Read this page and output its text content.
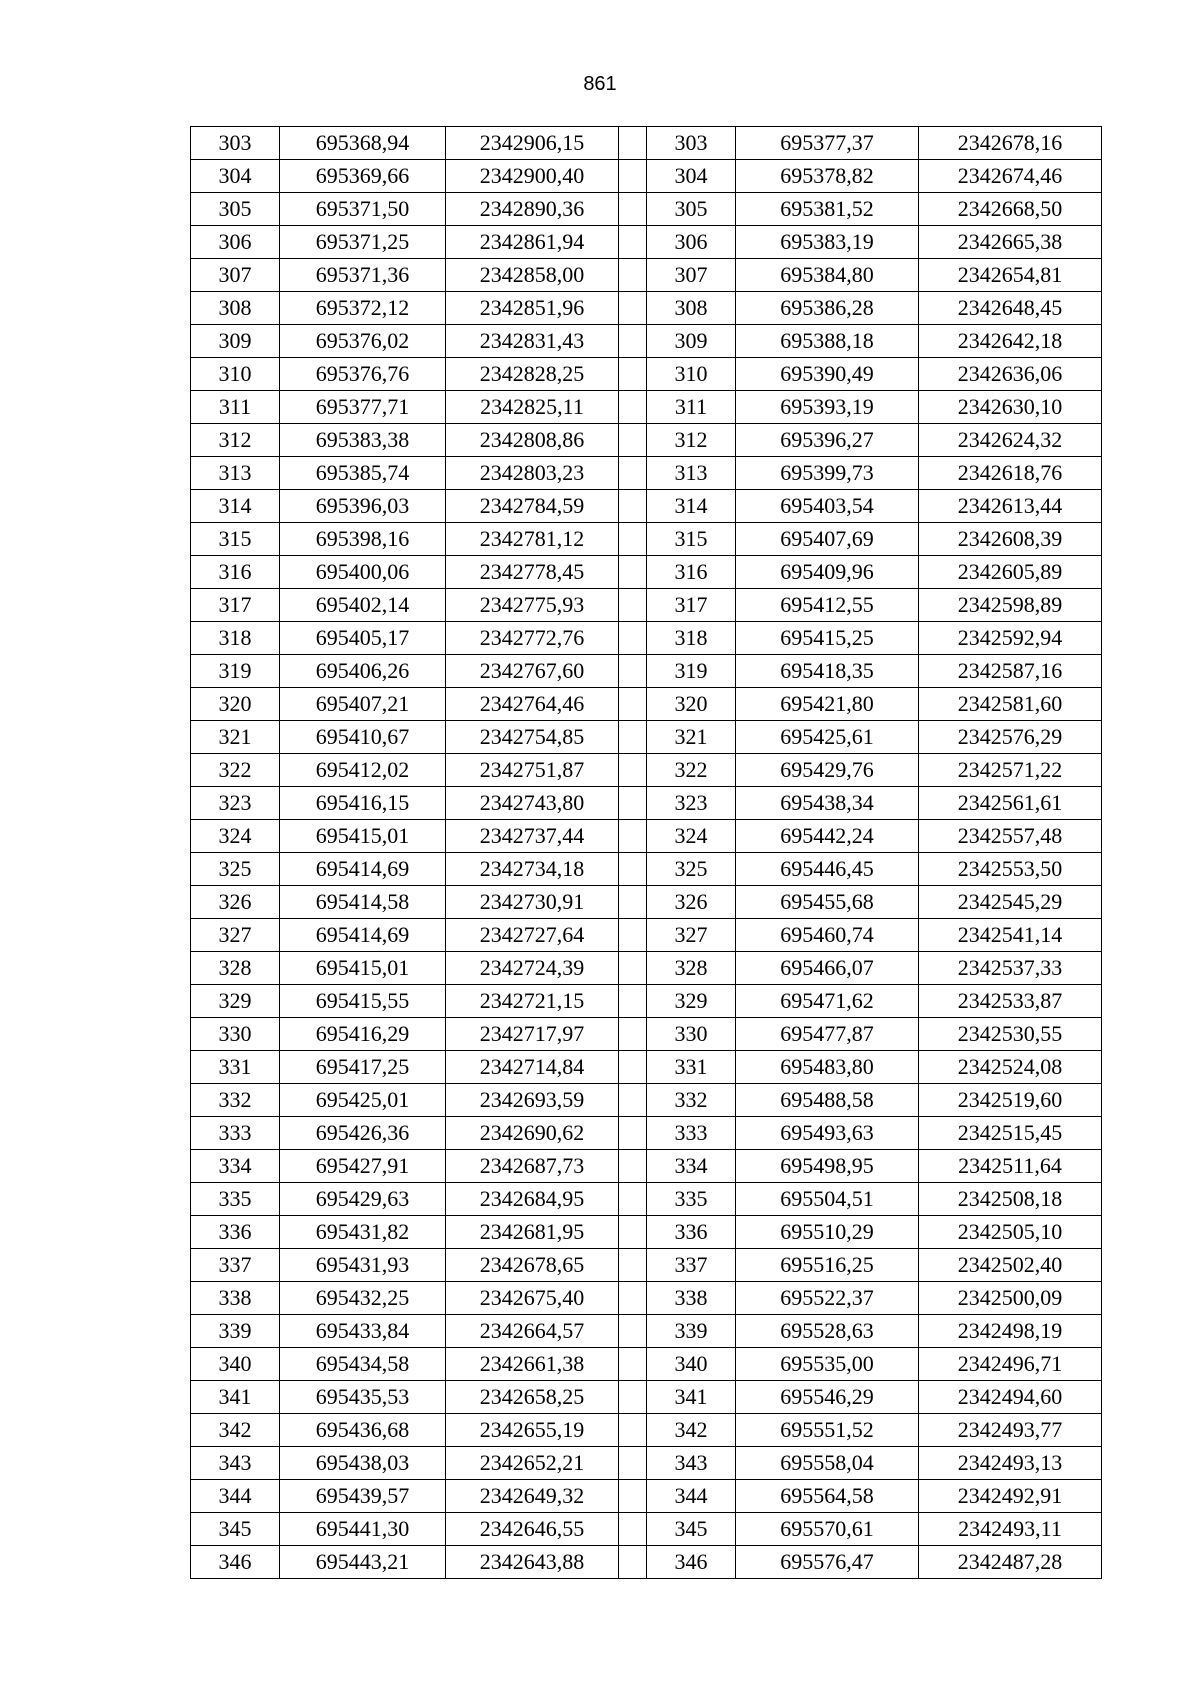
861
303	695368,94	2342906,15		303	695377,37	2342678,16
304	695369,66	2342900,40		304	695378,82	2342674,46
305	695371,50	2342890,36		305	695381,52	2342668,50
306	695371,25	2342861,94		306	695383,19	2342665,38
307	695371,36	2342858,00		307	695384,80	2342654,81
308	695372,12	2342851,96		308	695386,28	2342648,45
309	695376,02	2342831,43		309	695388,18	2342642,18
310	695376,76	2342828,25		310	695390,49	2342636,06
311	695377,71	2342825,11		311	695393,19	2342630,10
312	695383,38	2342808,86		312	695396,27	2342624,32
313	695385,74	2342803,23		313	695399,73	2342618,76
314	695396,03	2342784,59		314	695403,54	2342613,44
315	695398,16	2342781,12		315	695407,69	2342608,39
316	695400,06	2342778,45		316	695409,96	2342605,89
317	695402,14	2342775,93		317	695412,55	2342598,89
318	695405,17	2342772,76		318	695415,25	2342592,94
319	695406,26	2342767,60		319	695418,35	2342587,16
320	695407,21	2342764,46		320	695421,80	2342581,60
321	695410,67	2342754,85		321	695425,61	2342576,29
322	695412,02	2342751,87		322	695429,76	2342571,22
323	695416,15	2342743,80		323	695438,34	2342561,61
324	695415,01	2342737,44		324	695442,24	2342557,48
325	695414,69	2342734,18		325	695446,45	2342553,50
326	695414,58	2342730,91		326	695455,68	2342545,29
327	695414,69	2342727,64		327	695460,74	2342541,14
328	695415,01	2342724,39		328	695466,07	2342537,33
329	695415,55	2342721,15		329	695471,62	2342533,87
330	695416,29	2342717,97		330	695477,87	2342530,55
331	695417,25	2342714,84		331	695483,80	2342524,08
332	695425,01	2342693,59		332	695488,58	2342519,60
333	695426,36	2342690,62		333	695493,63	2342515,45
334	695427,91	2342687,73		334	695498,95	2342511,64
335	695429,63	2342684,95		335	695504,51	2342508,18
336	695431,82	2342681,95		336	695510,29	2342505,10
337	695431,93	2342678,65		337	695516,25	2342502,40
338	695432,25	2342675,40		338	695522,37	2342500,09
339	695433,84	2342664,57		339	695528,63	2342498,19
340	695434,58	2342661,38		340	695535,00	2342496,71
341	695435,53	2342658,25		341	695546,29	2342494,60
342	695436,68	2342655,19		342	695551,52	2342493,77
343	695438,03	2342652,21		343	695558,04	2342493,13
344	695439,57	2342649,32		344	695564,58	2342492,91
345	695441,30	2342646,55		345	695570,61	2342493,11
346	695443,21	2342643,88		346	695576,47	2342487,28
